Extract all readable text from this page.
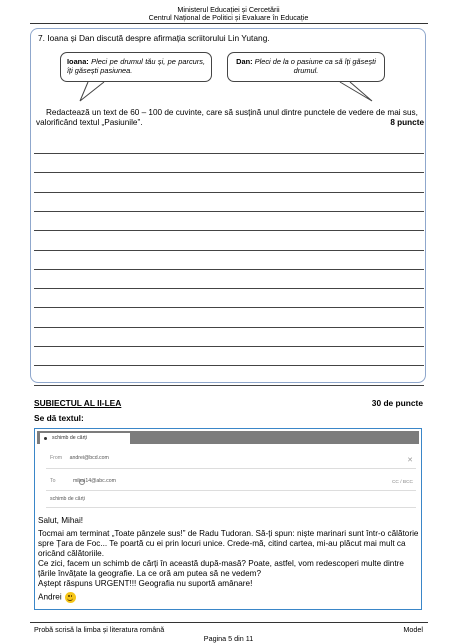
Ministerul Educației și Cercetării
Centrul Național de Politici și Evaluare în Educație
7. Ioana și Dan discută despre afirmația scriitorului Lin Yutang.
Ioana: Pleci pe drumul tău și, pe parcurs, îți găsești pasiunea.
Dan: Pleci de la o pasiune ca să îți găsești drumul.
Redactează un text de 60 – 100 de cuvinte, care să susțină unul dintre punctele de vedere de mai sus, valorificând textul „Pasiunile”.	8 puncte
SUBIECTUL AL II-LEA	30 de puncte
Se dă textul:
schimb de cărți
✕
From andrei@bcd.com
To	mihai14@abc.com	CC / BCC
schimb de cărți
Salut, Mihai!
Tocmai am terminat „Toate pânzele sus!” de Radu Tudoran. Să-ți spun: niște marinari sunt într-o călătorie spre Țara de Foc... Te poartă cu ei prin locuri unice. Crede-mă, citind cartea, mi-au plăcut mai mult ca oricând călătoriile.
Ce zici, facem un schimb de cărți în această după-masă? Poate, astfel, vom redescoperi multe dintre țările învățate la geografie. La ce oră am putea să ne vedem?
Aștept răspuns URGENT!!! Geografia nu suportă amânare!
Andrei
Probă scrisă la limba și literatura română	Model
Pagina 5 din 11
